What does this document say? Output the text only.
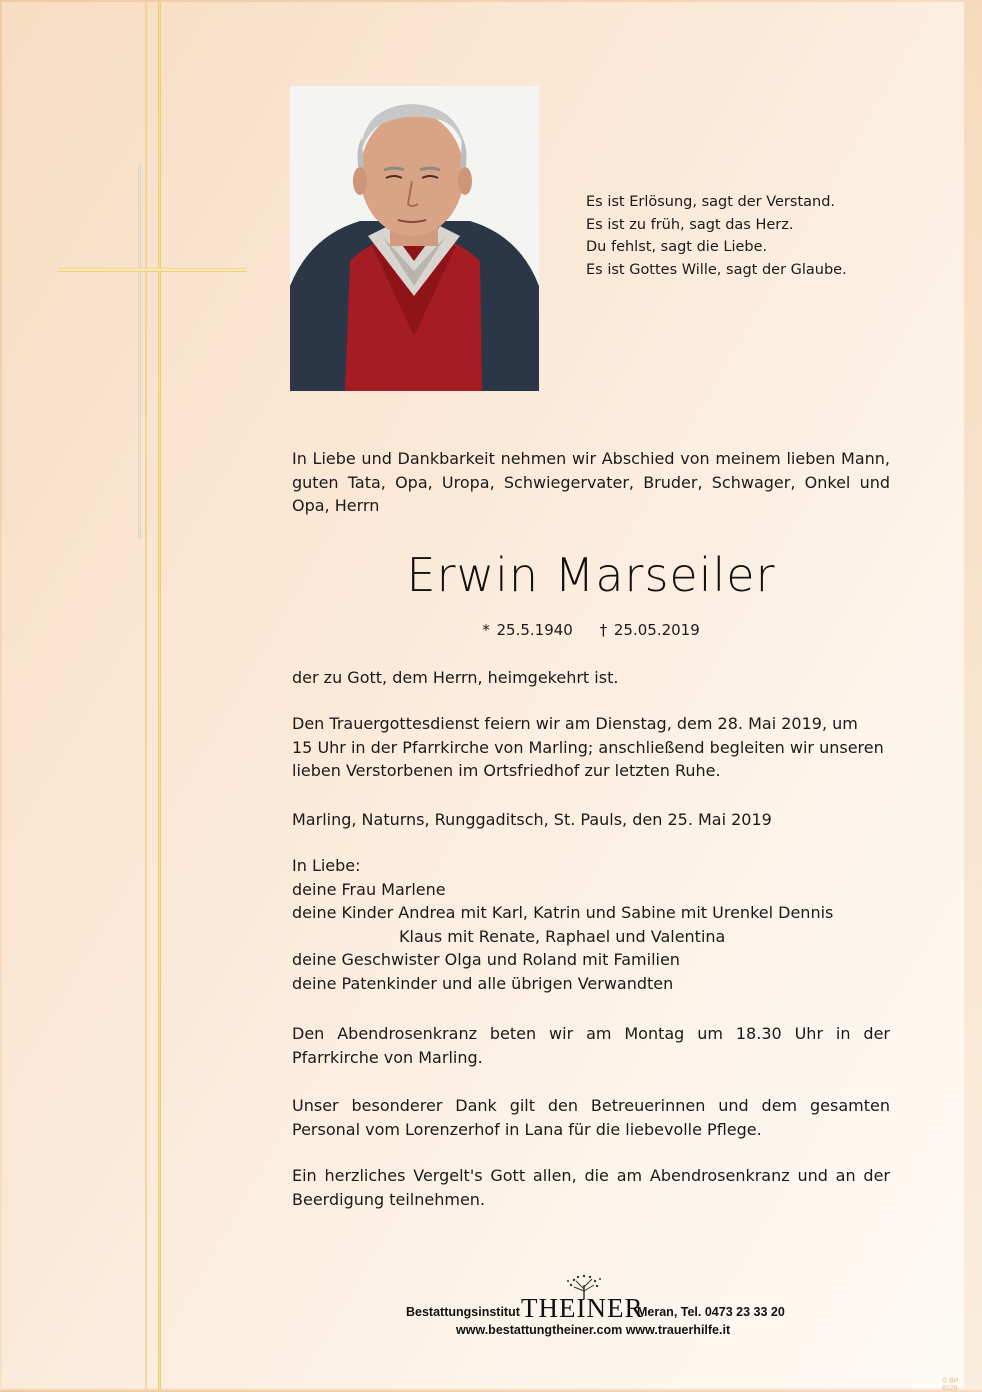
Es ist Erlösung, sagt der Verstand.
Es ist zu früh, sagt das Herz.
Du fehlst, sagt die Liebe.
Es ist Gottes Wille, sagt der Glaube.
In Liebe und Dankbarkeit nehmen wir Abschied von meinem lieben Mann, guten Tata, Opa, Uropa, Schwiegervater, Bruder, Schwager, Onkel und Opa, Herrn
Erwin Marseiler
* 25.5.1940 † 25.05.2019
der zu Gott, dem Herrn, heimgekehrt ist.
Den Trauergottesdienst feiern wir am Dienstag, dem 28. Mai 2019, um
15 Uhr in der Pfarrkirche von Marling; anschließend begleiten wir unseren
lieben Verstorbenen im Ortsfriedhof zur letzten Ruhe.
Marling, Naturns, Runggaditsch, St. Pauls, den 25. Mai 2019
In Liebe:
deine Frau Marlene
deine Kinder Andrea mit Karl, Katrin und Sabine mit Urenkel Dennis
Klaus mit Renate, Raphael und Valentina
deine Geschwister Olga und Roland mit Familien
deine Patenkinder und alle übrigen Verwandten
Den Abendrosenkranz beten wir am Montag um 18.30 Uhr in der Pfarrkirche von Marling.
Unser besonderer Dank gilt den Betreuerinnen und dem gesamten Personal vom Lorenzerhof in Lana für die liebevolle Pflege.
Ein herzliches Vergelt's Gott allen, die am Abendrosenkranz und an der Beerdigung teilnehmen.
Bestattungsinstitut THEINER
Meran, Tel. 0473 23 33 20
www.bestattungtheiner.com www.trauerhilfe.it
© BP 8126
